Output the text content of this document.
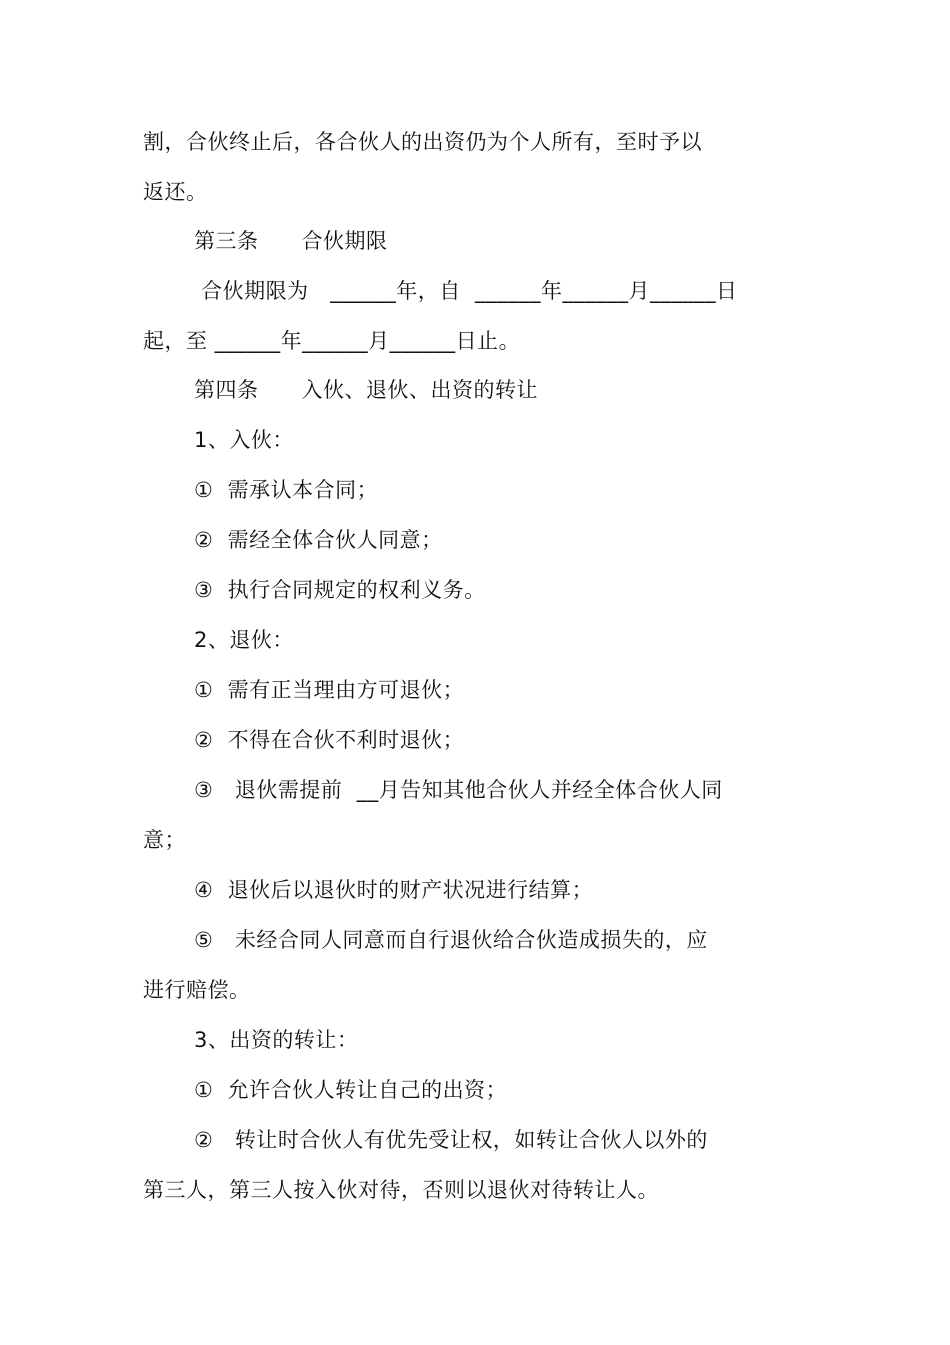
割，合伙终止后，各合伙人的出资仍为个人所有，至时予以
返还。
第三条      合伙期限
合伙期限为   ______年，自  ______年______月______日
起，至 ______年______月______日止。
第四条      入伙、退伙、出资的转让
1、入伙：
①  需承认本合同；
②  需经全体合伙人同意；
③  执行合同规定的权利义务。
2、退伙：
①  需有正当理由方可退伙；
②  不得在合伙不利时退伙；
③   退伙需提前  __月告知其他合伙人并经全体合伙人同
意；
④  退伙后以退伙时的财产状况进行结算；
⑤   未经合同人同意而自行退伙给合伙造成损失的，应
进行赔偿。
3、出资的转让：
①  允许合伙人转让自己的出资；
②   转让时合伙人有优先受让权，如转让合伙人以外的
第三人，第三人按入伙对待，否则以退伙对待转让人。
